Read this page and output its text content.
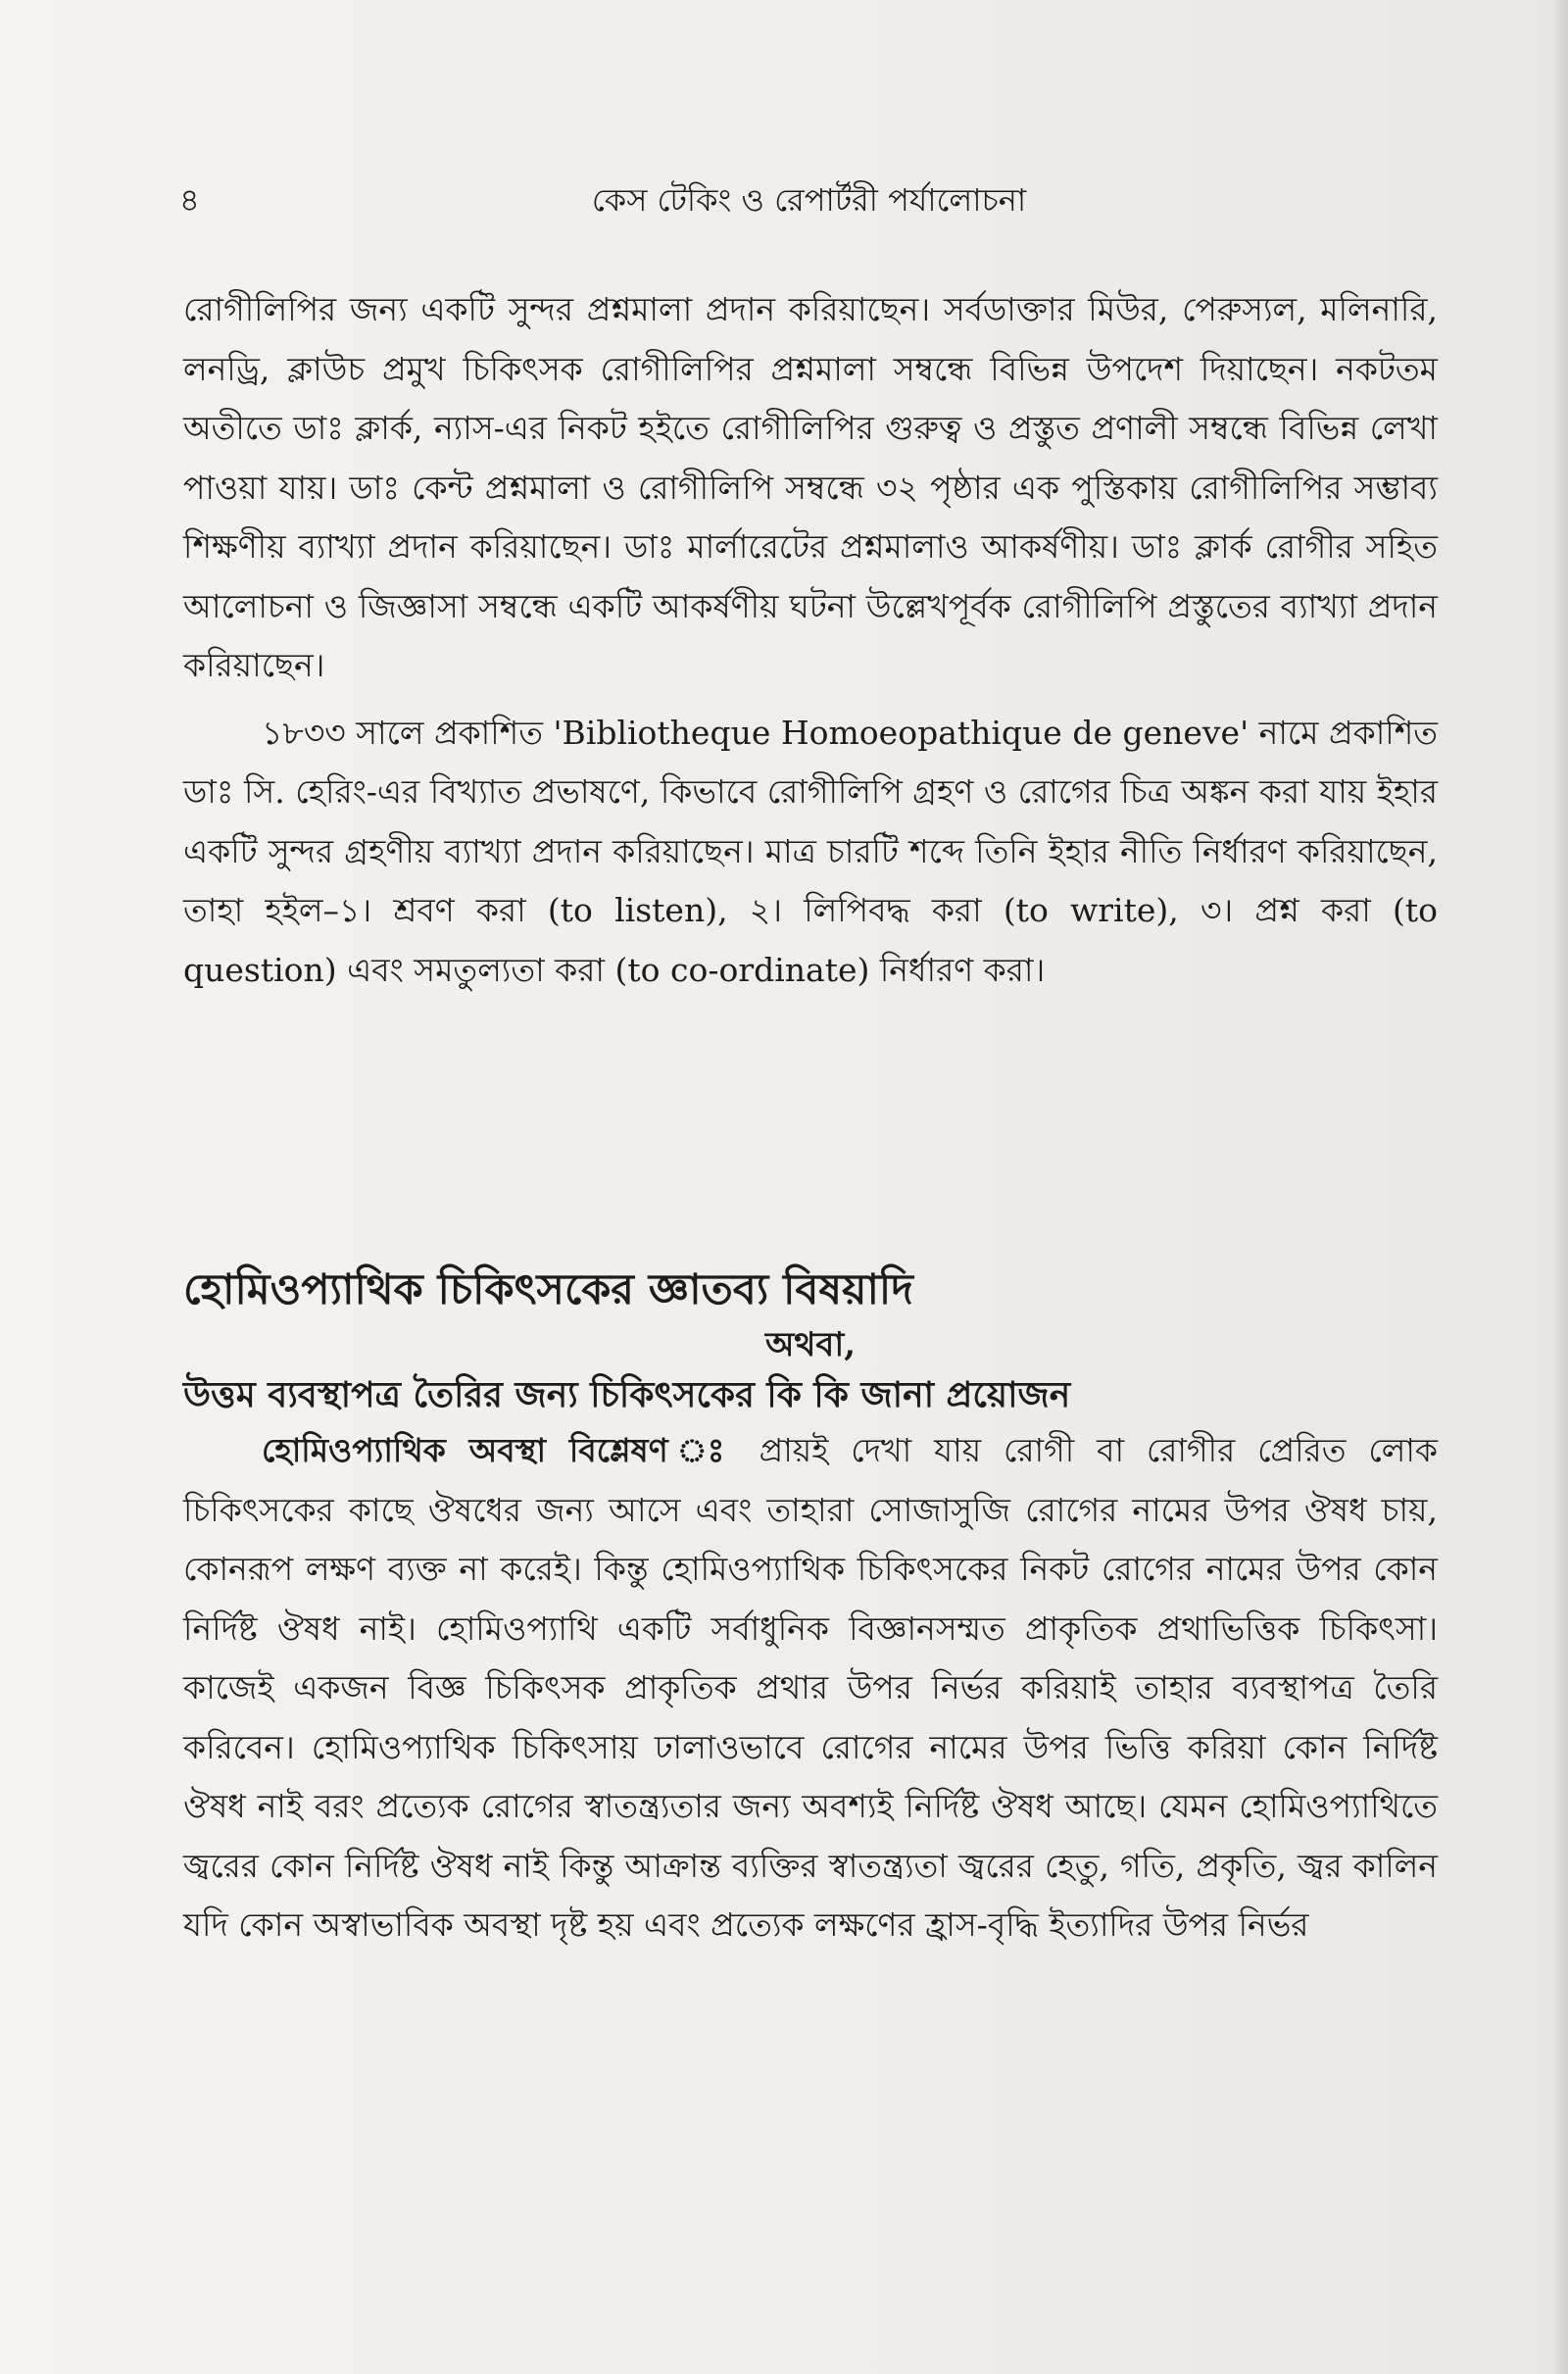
৪	কেস টেকিং ও রেপার্টরী পর্যালোচনা

রোগীলিপির জন্য একটি সুন্দর প্রশ্নমালা প্রদান করিয়াছেন। সর্বডাক্তার মিউর, পেরুস্যল, মলিনারি, লনড্রি, ক্লাউচ প্রমুখ চিকিৎসক রোগীলিপির প্রশ্নমালা সম্বন্ধে বিভিন্ন উপদেশ দিয়াছেন। নকটতম অতীতে ডাঃ ক্লার্ক, ন্যাস-এর নিকট হইতে রোগীলিপির গুরুত্ব ও প্রস্তুত প্রণালী সম্বন্ধে বিভিন্ন লেখা পাওয়া যায়। ডাঃ কেন্ট প্রশ্নমালা ও রোগীলিপি সম্বন্ধে ৩২ পৃষ্ঠার এক পুস্তিকায় রোগীলিপির সম্ভাব্য শিক্ষণীয় ব্যাখ্যা প্রদান করিয়াছেন। ডাঃ মার্লারেটের প্রশ্নমালাও আকর্ষণীয়। ডাঃ ক্লার্ক রোগীর সহিত আলোচনা ও জিজ্ঞাসা সম্বন্ধে একটি আকর্ষণীয় ঘটনা উল্লেখপূর্বক রোগীলিপি প্রস্তুতের ব্যাখ্যা প্রদান করিয়াছেন।

১৮৩৩ সালে প্রকাশিত 'Bibliotheque Homoeopathique de geneve' নামে প্রকাশিত ডাঃ সি. হেরিং-এর বিখ্যাত প্রভাষণে, কিভাবে রোগীলিপি গ্রহণ ও রোগের চিত্র অঙ্কন করা যায় ইহার একটি সুন্দর গ্রহণীয় ব্যাখ্যা প্রদান করিয়াছেন। মাত্র চারটি শব্দে তিনি ইহার নীতি নির্ধারণ করিয়াছেন, তাহা হইল–১। শ্রবণ করা (to listen), ২। লিপিবদ্ধ করা (to write), ৩। প্রশ্ন করা (to question) এবং সমতুল্যতা করা (to co-ordinate) নির্ধারণ করা।

হোমিওপ্যাথিক চিকিৎসকের জ্ঞাতব্য বিষয়াদি

অথবা,

উত্তম ব্যবস্থাপত্র তৈরির জন্য চিকিৎসকের কি কি জানা প্রয়োজন

হোমিওপ্যাথিক অবস্থা বিশ্লেষণ ঃ প্রায়ই দেখা যায় রোগী বা রোগীর প্রেরিত লোক চিকিৎসকের কাছে ঔষধের জন্য আসে এবং তাহারা সোজাসুজি রোগের নামের উপর ঔষধ চায়, কোনরূপ লক্ষণ ব্যক্ত না করেই। কিন্তু হোমিওপ্যাথিক চিকিৎসকের নিকট রোগের নামের উপর কোন নির্দিষ্ট ঔষধ নাই। হোমিওপ্যাথি একটি সর্বাধুনিক বিজ্ঞানসম্মত প্রাকৃতিক প্রথাভিত্তিক চিকিৎসা। কাজেই একজন বিজ্ঞ চিকিৎসক প্রাকৃতিক প্রথার উপর নির্ভর করিয়াই তাহার ব্যবস্থাপত্র তৈরি করিবেন। হোমিওপ্যাথিক চিকিৎসায় ঢালাওভাবে রোগের নামের উপর ভিত্তি করিয়া কোন নির্দিষ্ট ঔষধ নাই বরং প্রত্যেক রোগের স্বাতন্ত্র্যতার জন্য অবশ্যই নির্দিষ্ট ঔষধ আছে। যেমন হোমিওপ্যাথিতে জ্বরের কোন নির্দিষ্ট ঔষধ নাই কিন্তু আক্রান্ত ব্যক্তির স্বাতন্ত্র্যতা জ্বরের হেতু, গতি, প্রকৃতি, জ্বর কালিন যদি কোন অস্বাভাবিক অবস্থা দৃষ্ট হয় এবং প্রত্যেক লক্ষণের হ্রাস-বৃদ্ধি ইত্যাদির উপর নির্ভর
